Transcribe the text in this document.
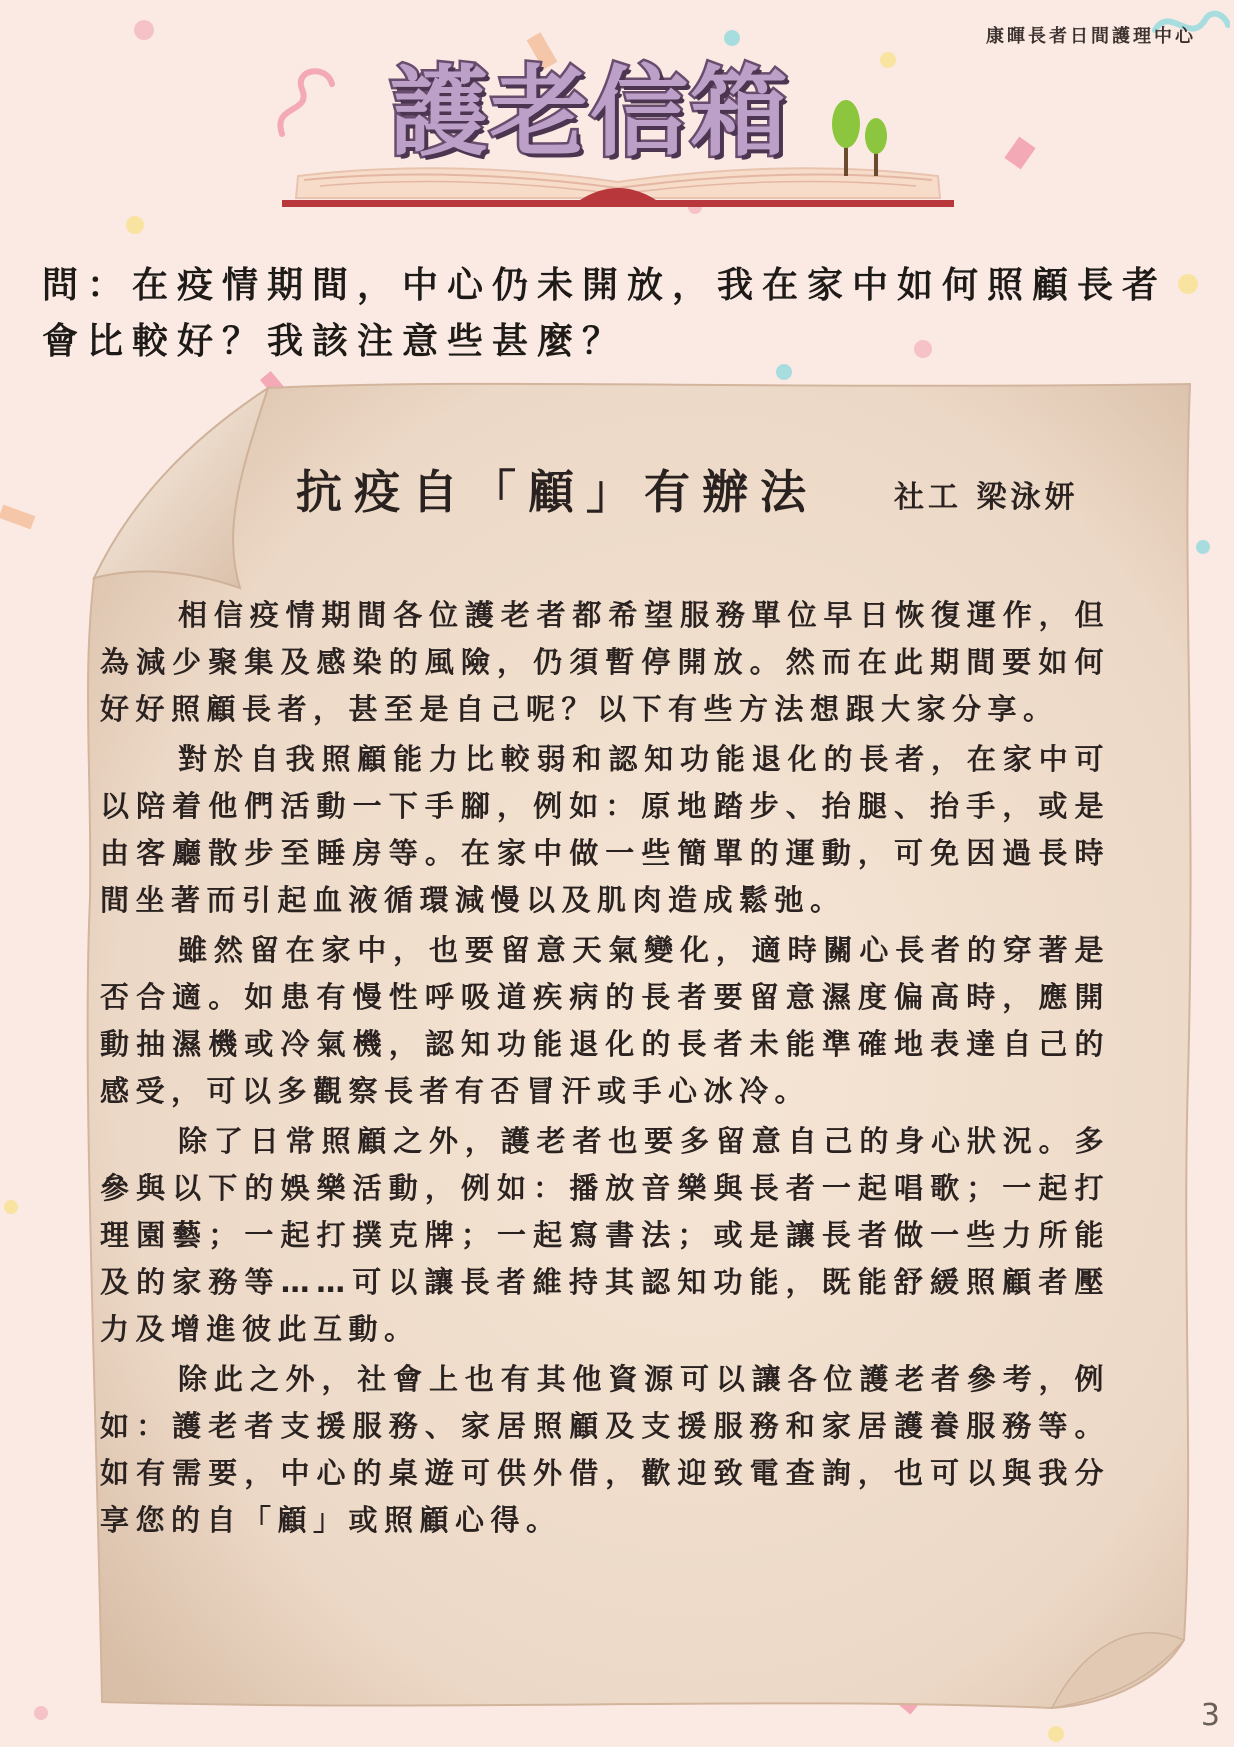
康暉長者日間護理中心
護老信箱
問：在疫情期間，中心仍未開放，我在家中如何照顧長者會比較好？我該注意些甚麼？
抗疫自「顧」有辦法	社工 梁泳妍

相信疫情期間各位護老者都希望服務單位早日恢復運作，但為減少聚集及感染的風險，仍須暫停開放。然而在此期間要如何好好照顧長者，甚至是自己呢？以下有些方法想跟大家分享。

對於自我照顧能力比較弱和認知功能退化的長者，在家中可以陪着他們活動一下手腳，例如：原地踏步、抬腿、抬手，或是由客廳散步至睡房等。在家中做一些簡單的運動，可免因過長時間坐著而引起血液循環減慢以及肌肉造成鬆弛。

雖然留在家中，也要留意天氣變化，適時關心長者的穿著是否合適。如患有慢性呼吸道疾病的長者要留意濕度偏高時，應開動抽濕機或冷氣機，認知功能退化的長者未能準確地表達自己的感受，可以多觀察長者有否冒汗或手心冰冷。

除了日常照顧之外，護老者也要多留意自己的身心狀況。多參與以下的娛樂活動，例如：播放音樂與長者一起唱歌；一起打理園藝；一起打撲克牌；一起寫書法；或是讓長者做一些力所能及的家務等……可以讓長者維持其認知功能，既能舒緩照顧者壓力及增進彼此互動。

除此之外，社會上也有其他資源可以讓各位護老者參考，例如：護老者支援服務、家居照顧及支援服務和家居護養服務等。如有需要，中心的桌遊可供外借，歡迎致電查詢，也可以與我分享您的自「顧」或照顧心得。

3
